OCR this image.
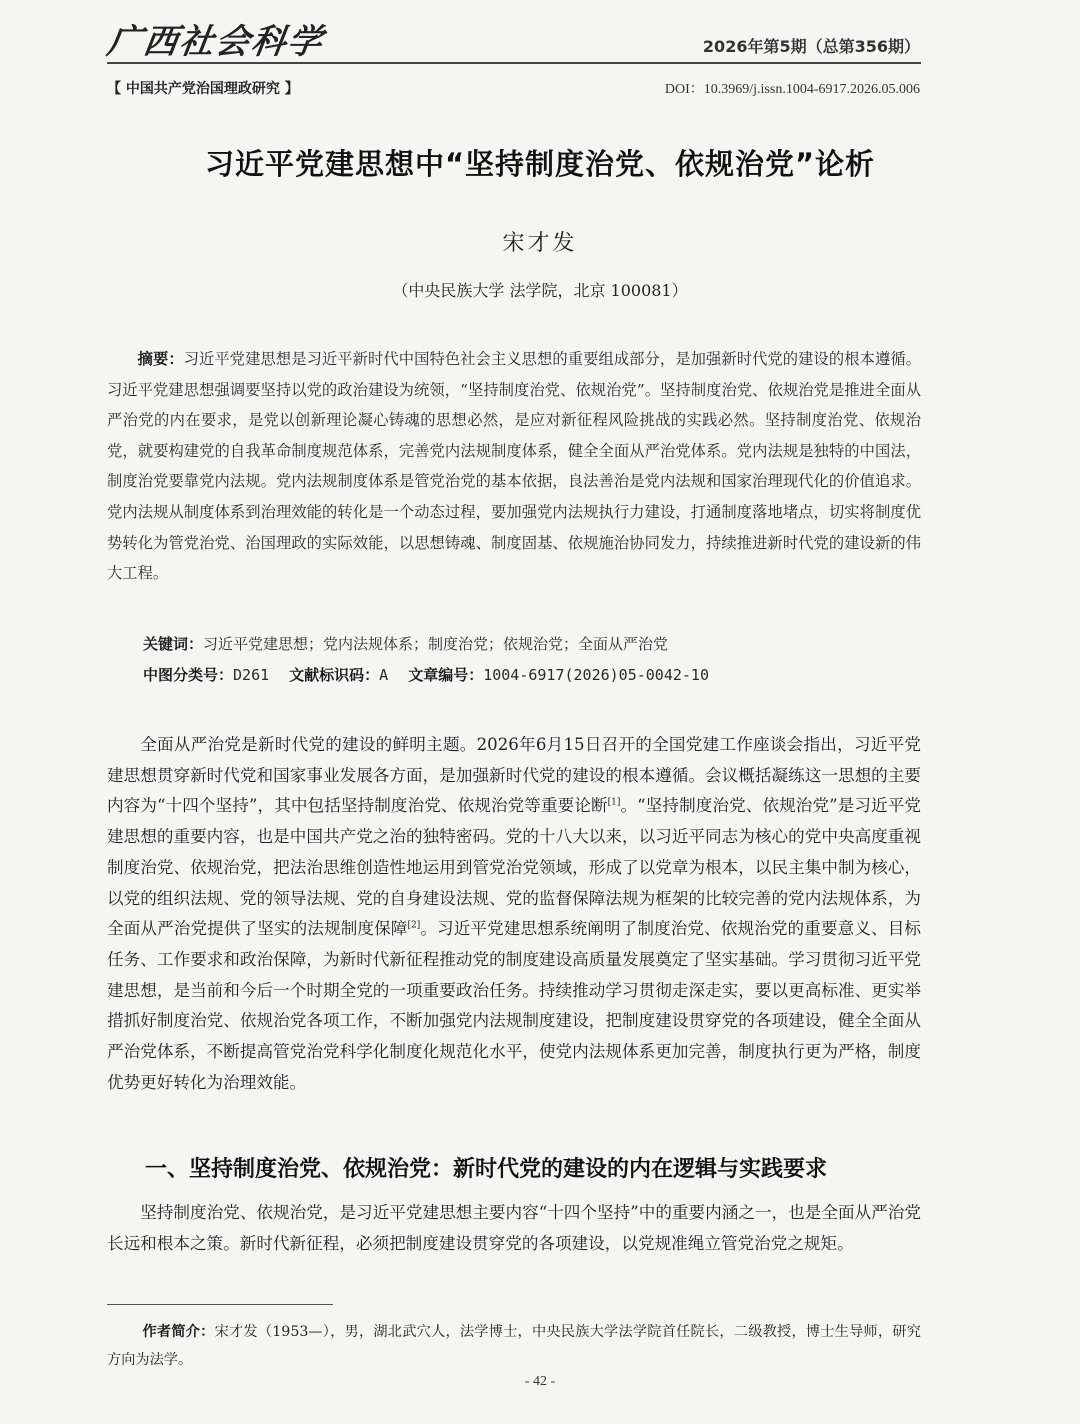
广西社会科学	2026年第5期（总第356期）
【 中国共产党治国理政研究 】	DOI：10.3969/j.issn.1004-6917.2026.05.006
习近平党建思想中“坚持制度治党、依规治党”论析
宋才发
（中央民族大学 法学院，北京 100081）
摘要：习近平党建思想是习近平新时代中国特色社会主义思想的重要组成部分，是加强新时代党的建设的根本遵循。习近平党建思想强调要坚持以党的政治建设为统领，“坚持制度治党、依规治党”。坚持制度治党、依规治党是推进全面从严治党的内在要求，是党以创新理论凝心铸魂的思想必然，是应对新征程风险挑战的实践必然。坚持制度治党、依规治党，就要构建党的自我革命制度规范体系，完善党内法规制度体系，健全全面从严治党体系。党内法规是独特的中国法，制度治党要靠党内法规。党内法规制度体系是管党治党的基本依据，良法善治是党内法规和国家治理现代化的价值追求。党内法规从制度体系到治理效能的转化是一个动态过程，要加强党内法规执行力建设，打通制度落地堵点，切实将制度优势转化为管党治党、治国理政的实际效能，以思想铸魂、制度固基、依规施治协同发力，持续推进新时代党的建设新的伟大工程。
关键词：习近平党建思想；党内法规体系；制度治党；依规治党；全面从严治党
中图分类号：D261 文献标识码：A 文章编号：1004-6917(2026)05-0042-10
全面从严治党是新时代党的建设的鲜明主题。2026年6月15日召开的全国党建工作座谈会指出，习近平党建思想贯穿新时代党和国家事业发展各方面，是加强新时代党的建设的根本遵循。会议概括凝练这一思想的主要内容为“十四个坚持”，其中包括坚持制度治党、依规治党等重要论断[1]。“坚持制度治党、依规治党”是习近平党建思想的重要内容，也是中国共产党之治的独特密码。党的十八大以来，以习近平同志为核心的党中央高度重视制度治党、依规治党，把法治思维创造性地运用到管党治党领域，形成了以党章为根本，以民主集中制为核心，以党的组织法规、党的领导法规、党的自身建设法规、党的监督保障法规为框架的比较完善的党内法规体系，为全面从严治党提供了坚实的法规制度保障[2]。习近平党建思想系统阐明了制度治党、依规治党的重要意义、目标任务、工作要求和政治保障，为新时代新征程推动党的制度建设高质量发展奠定了坚实基础。学习贯彻习近平党建思想，是当前和今后一个时期全党的一项重要政治任务。持续推动学习贯彻走深走实，要以更高标准、更实举措抓好制度治党、依规治党各项工作，不断加强党内法规制度建设，把制度建设贯穿党的各项建设，健全全面从严治党体系，不断提高管党治党科学化制度化规范化水平，使党内法规体系更加完善，制度执行更为严格，制度优势更好转化为治理效能。
一、坚持制度治党、依规治党：新时代党的建设的内在逻辑与实践要求
坚持制度治党、依规治党，是习近平党建思想主要内容“十四个坚持”中的重要内涵之一，也是全面从严治党长远和根本之策。新时代新征程，必须把制度建设贯穿党的各项建设，以党规准绳立管党治党之规矩。
作者简介：宋才发（1953—），男，湖北武穴人，法学博士，中央民族大学法学院首任院长，二级教授，博士生导师，研究方向为法学。
- 42 -
